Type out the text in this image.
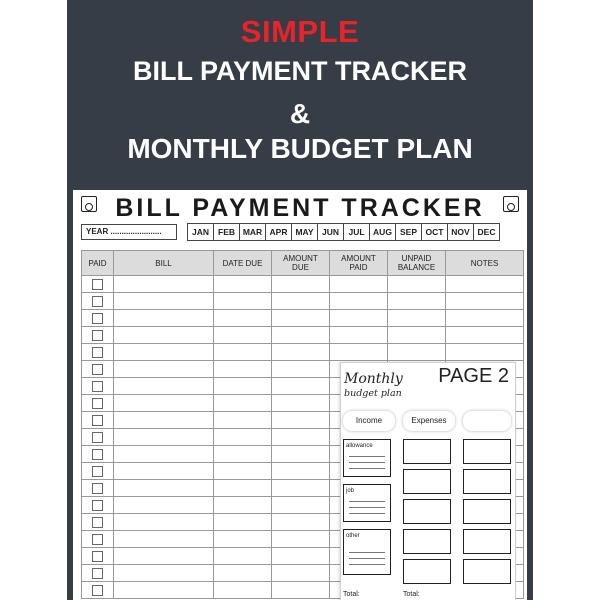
SIMPLE
BILL PAYMENT TRACKER
&
MONTHLY BUDGET PLAN
BILL PAYMENT TRACKER
YEAR .......................	JAN	FEB MAR APR MAY JUN	JUL	AUG SEP	OCT NOV DEC
PAID	BILL	DATE DUE	AMOUNT DUE	AMOUNT PAID	UNPAID BALANCE	NOTES

Monthly
budget plan
PAGE 2
Income	Expenses
allowance
job
other
Total:	Total:
